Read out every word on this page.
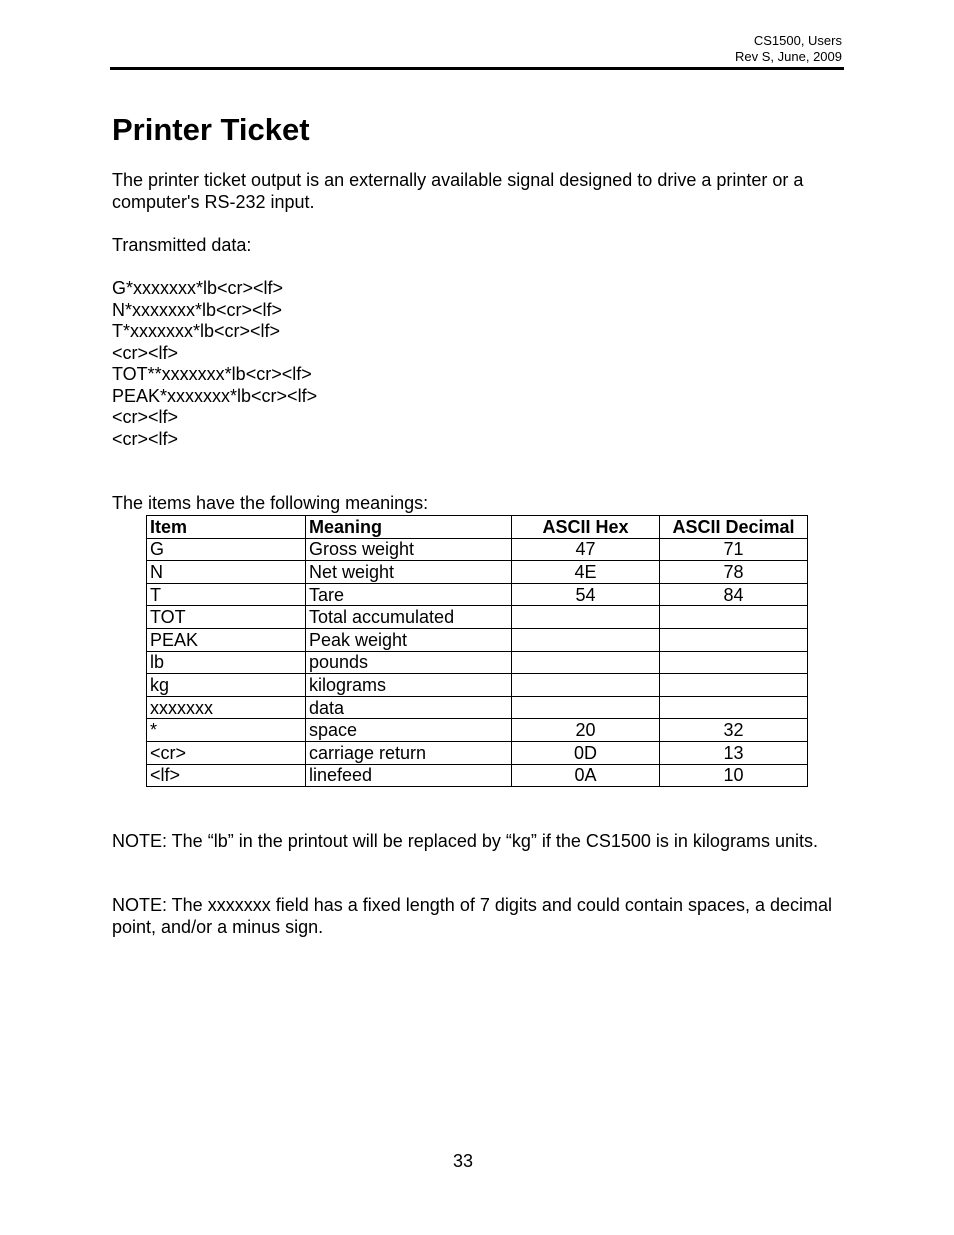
CS1500, Users
Rev S, June, 2009
Printer Ticket

The printer ticket output is an externally available signal designed to drive a printer or a computer's RS-232 input.

Transmitted data:

G*xxxxxxx*lb<cr><lf>
N*xxxxxxx*lb<cr><lf>
T*xxxxxxx*lb<cr><lf>
<cr><lf>
TOT**xxxxxxx*lb<cr><lf>
PEAK*xxxxxxx*lb<cr><lf>
<cr><lf>
<cr><lf>

The items have the following meanings:

Item	Meaning	ASCII Hex	ASCII Decimal
G	Gross weight	47	71
N	Net weight	4E	78
T	Tare	54	84
TOT	Total accumulated		
PEAK	Peak weight		
lb	pounds		
kg	kilograms		
xxxxxxx	data		
*	space	20	32
<cr>	carriage return	0D	13
<lf>	linefeed	0A	10

NOTE: The “lb” in the printout will be replaced by “kg” if the CS1500 is in kilograms units.

NOTE: The xxxxxxx field has a fixed length of 7 digits and could contain spaces, a decimal point, and/or a minus sign.

33
